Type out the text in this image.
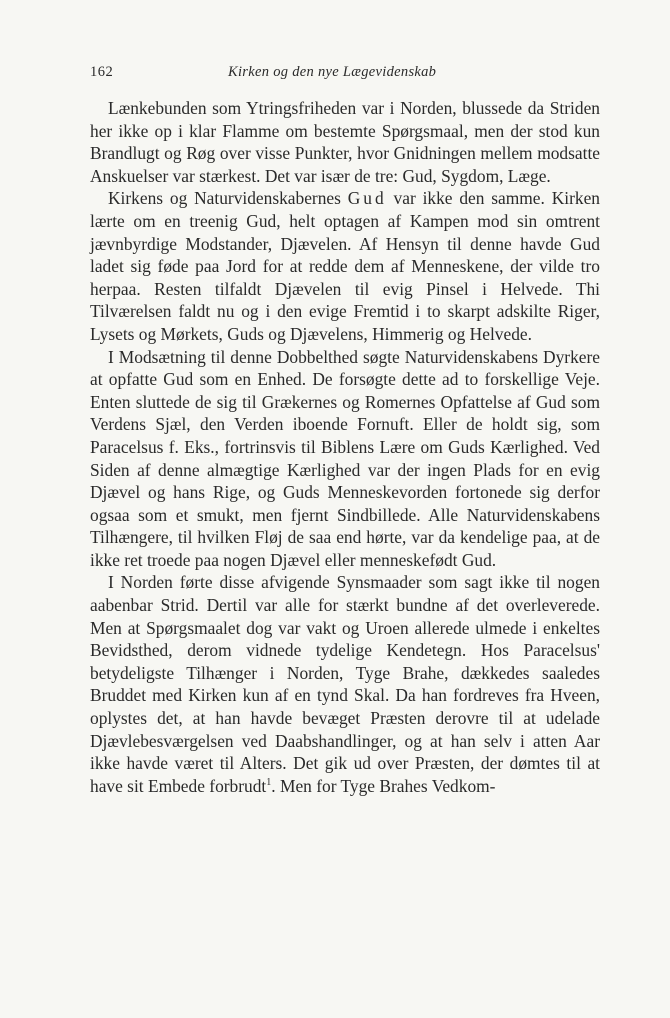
162	Kirken og den nye Lægevidenskab

Lænkebunden som Ytringsfriheden var i Norden, blussede da Striden her ikke op i klar Flamme om bestemte Spørgsmaal, men der stod kun Brandlugt og Røg over visse Punkter, hvor Gnidningen mellem modsatte Anskuelser var stærkest. Det var især de tre: Gud, Sygdom, Læge.

Kirkens og Naturvidenskabernes Gud var ikke den samme. Kirken lærte om en treenig Gud, helt optagen af Kampen mod sin omtrent jævnbyrdige Modstander, Djævelen. Af Hensyn til denne havde Gud ladet sig føde paa Jord for at redde dem af Menneskene, der vilde tro herpaa. Resten tilfaldt Djævelen til evig Pinsel i Helvede. Thi Tilværelsen faldt nu og i den evige Fremtid i to skarpt adskilte Riger, Lysets og Mørkets, Guds og Djævelens, Himmerig og Helvede.

I Modsætning til denne Dobbelthed søgte Naturvidenskabens Dyrkere at opfatte Gud som en Enhed. De forsøgte dette ad to forskellige Veje. Enten sluttede de sig til Grækernes og Romernes Opfattelse af Gud som Verdens Sjæl, den Verden iboende Fornuft. Eller de holdt sig, som Paracelsus f. Eks., fortrinsvis til Biblens Lære om Guds Kærlighed. Ved Siden af denne almægtige Kærlighed var der ingen Plads for en evig Djævel og hans Rige, og Guds Menneskevorden fortonede sig derfor ogsaa som et smukt, men fjernt Sindbillede. Alle Naturvidenskabens Tilhængere, til hvilken Fløj de saa end hørte, var da kendelige paa, at de ikke ret troede paa nogen Djævel eller menneskefødt Gud.

I Norden førte disse afvigende Synsmaader som sagt ikke til nogen aabenbar Strid. Dertil var alle for stærkt bundne af det overleverede. Men at Spørgsmaalet dog var vakt og Uroen allerede ulmede i enkeltes Bevidsthed, derom vidnede tydelige Kendetegn. Hos Paracelsus' betydeligste Tilhænger i Norden, Tyge Brahe, dækkedes saaledes Bruddet med Kirken kun af en tynd Skal. Da han fordreves fra Hveen, oplystes det, at han havde bevæget Præsten derovre til at udelade Djævlebesværgelsen ved Daabshandlinger, og at han selv i atten Aar ikke havde været til Alters. Det gik ud over Præsten, der dømtes til at have sit Embede forbrudt$^1$. Men for Tyge Brahes Vedkom-
